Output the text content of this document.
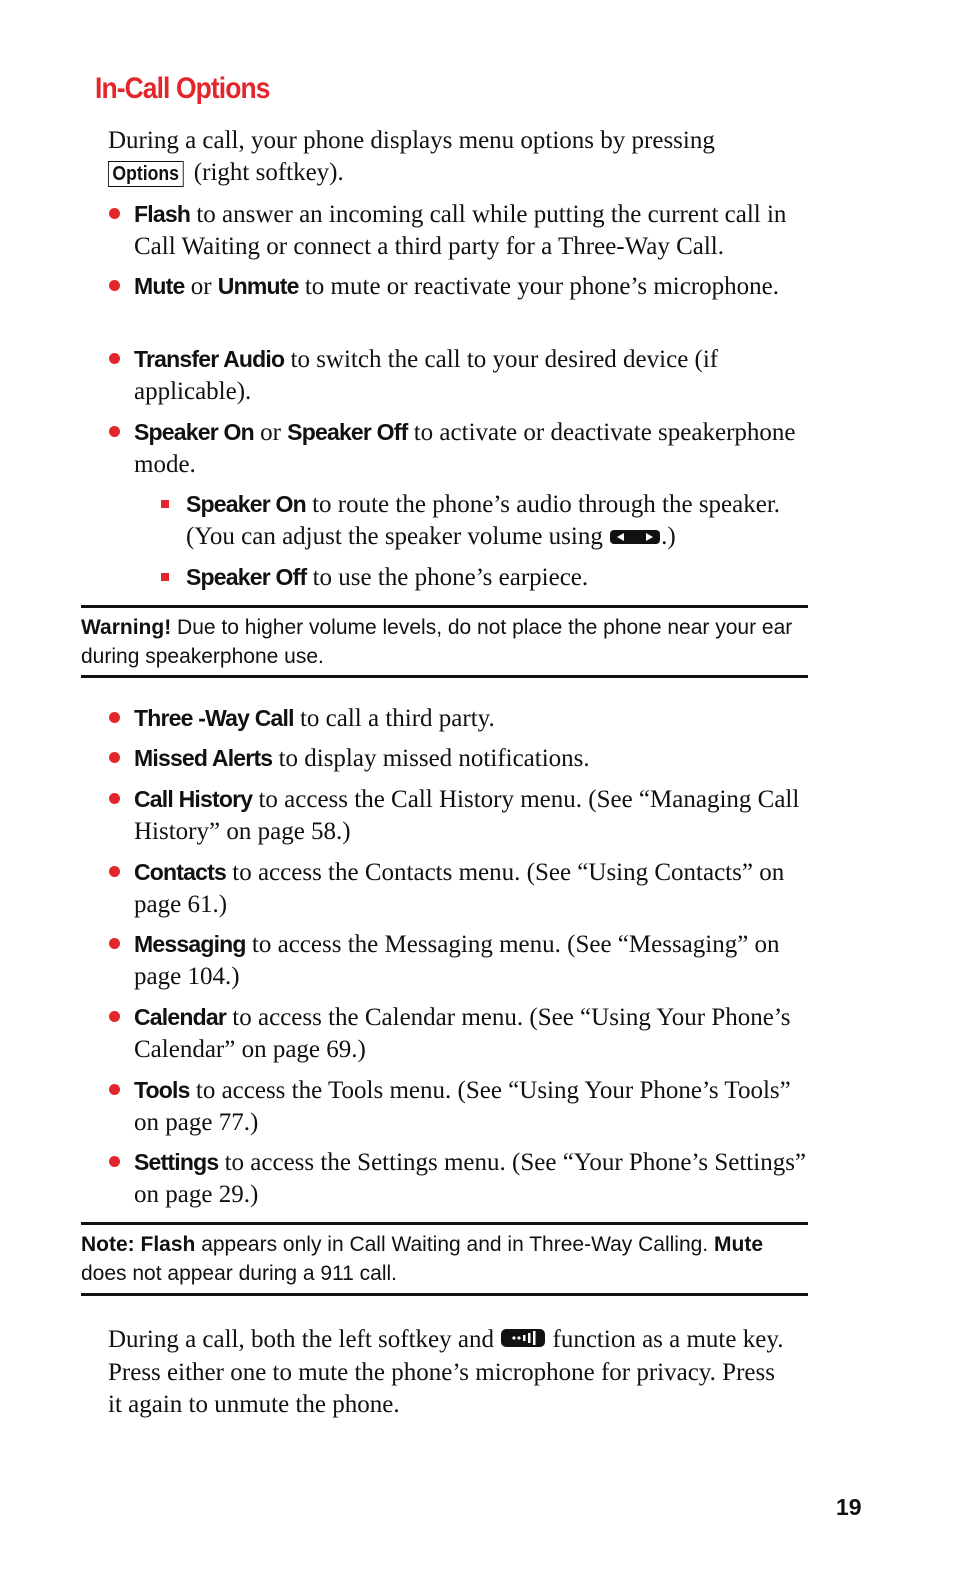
In-Call Options
During a call, your phone displays menu options by pressing
Options (right softkey).
Flash to answer an incoming call while putting the current call in Call Waiting or connect a third party for a Three-Way Call.
Mute or Unmute to mute or reactivate your phone’s microphone.
Transfer Audio to switch the call to your desired device (if applicable).
Speaker On or Speaker Off to activate or deactivate speakerphone mode.
Speaker On to route the phone’s audio through the speaker. (You can adjust the speaker volume using .)
Speaker Off to use the phone’s earpiece.
Warning! Due to higher volume levels, do not place the phone near your ear during speakerphone use.
Three -Way Call to call a third party.
Missed Alerts to display missed notifications.
Call History to access the Call History menu. (See “Managing Call History” on page 58.)
Contacts to access the Contacts menu. (See “Using Contacts” on page 61.)
Messaging to access the Messaging menu. (See “Messaging” on page 104.)
Calendar to access the Calendar menu. (See “Using Your Phone’s Calendar” on page 69.)
Tools to access the Tools menu. (See “Using Your Phone’s Tools” on page 77.)
Settings to access the Settings menu. (See “Your Phone’s Settings” on page 29.)
Note: Flash appears only in Call Waiting and in Three-Way Calling. Mute does not appear during a 911 call.
During a call, both the left softkey and  function as a mute key. Press either one to mute the phone’s microphone for privacy. Press it again to unmute the phone.
19
